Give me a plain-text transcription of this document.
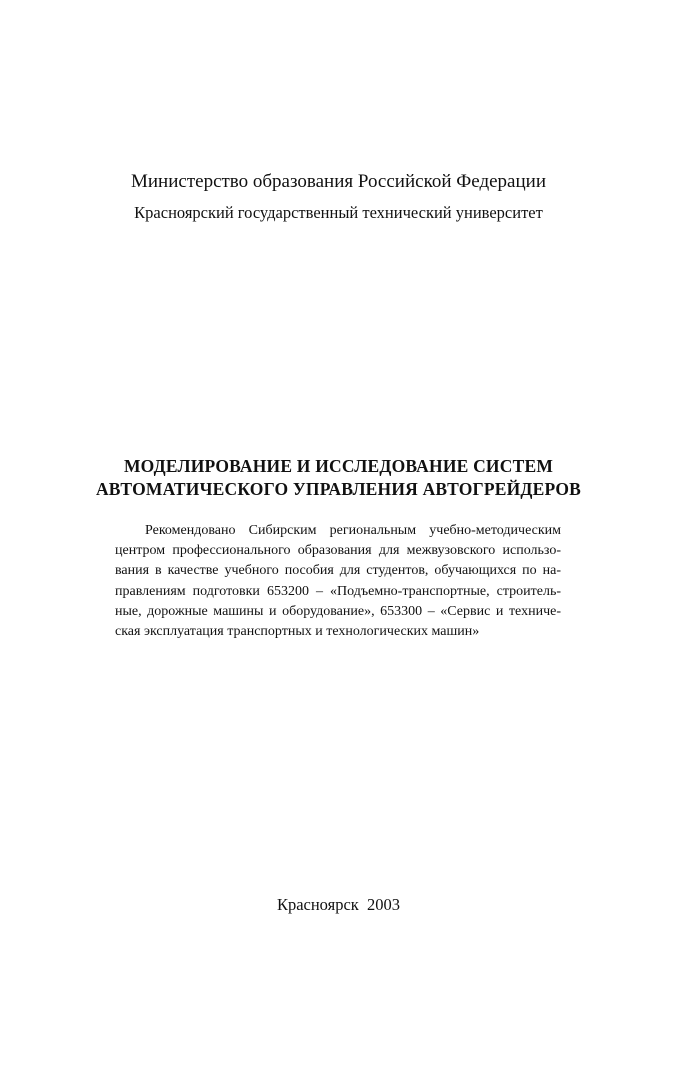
Министерство образования Российской Федерации
Красноярский государственный технический университет
МОДЕЛИРОВАНИЕ И ИССЛЕДОВАНИЕ СИСТЕМ
АВТОМАТИЧЕСКОГО УПРАВЛЕНИЯ АВТОГРЕЙДЕРОВ
Рекомендовано Сибирским региональным учебно-методическим
центром профессионального образования для межвузовского использо-
вания в качестве учебного пособия для студентов, обучающихся по на-
правлениям подготовки 653200 – «Подъемно-транспортные, строитель-
ные, дорожные машины и оборудование», 653300 – «Сервис и техниче-
ская эксплуатация транспортных и технологических машин»
Красноярск  2003
